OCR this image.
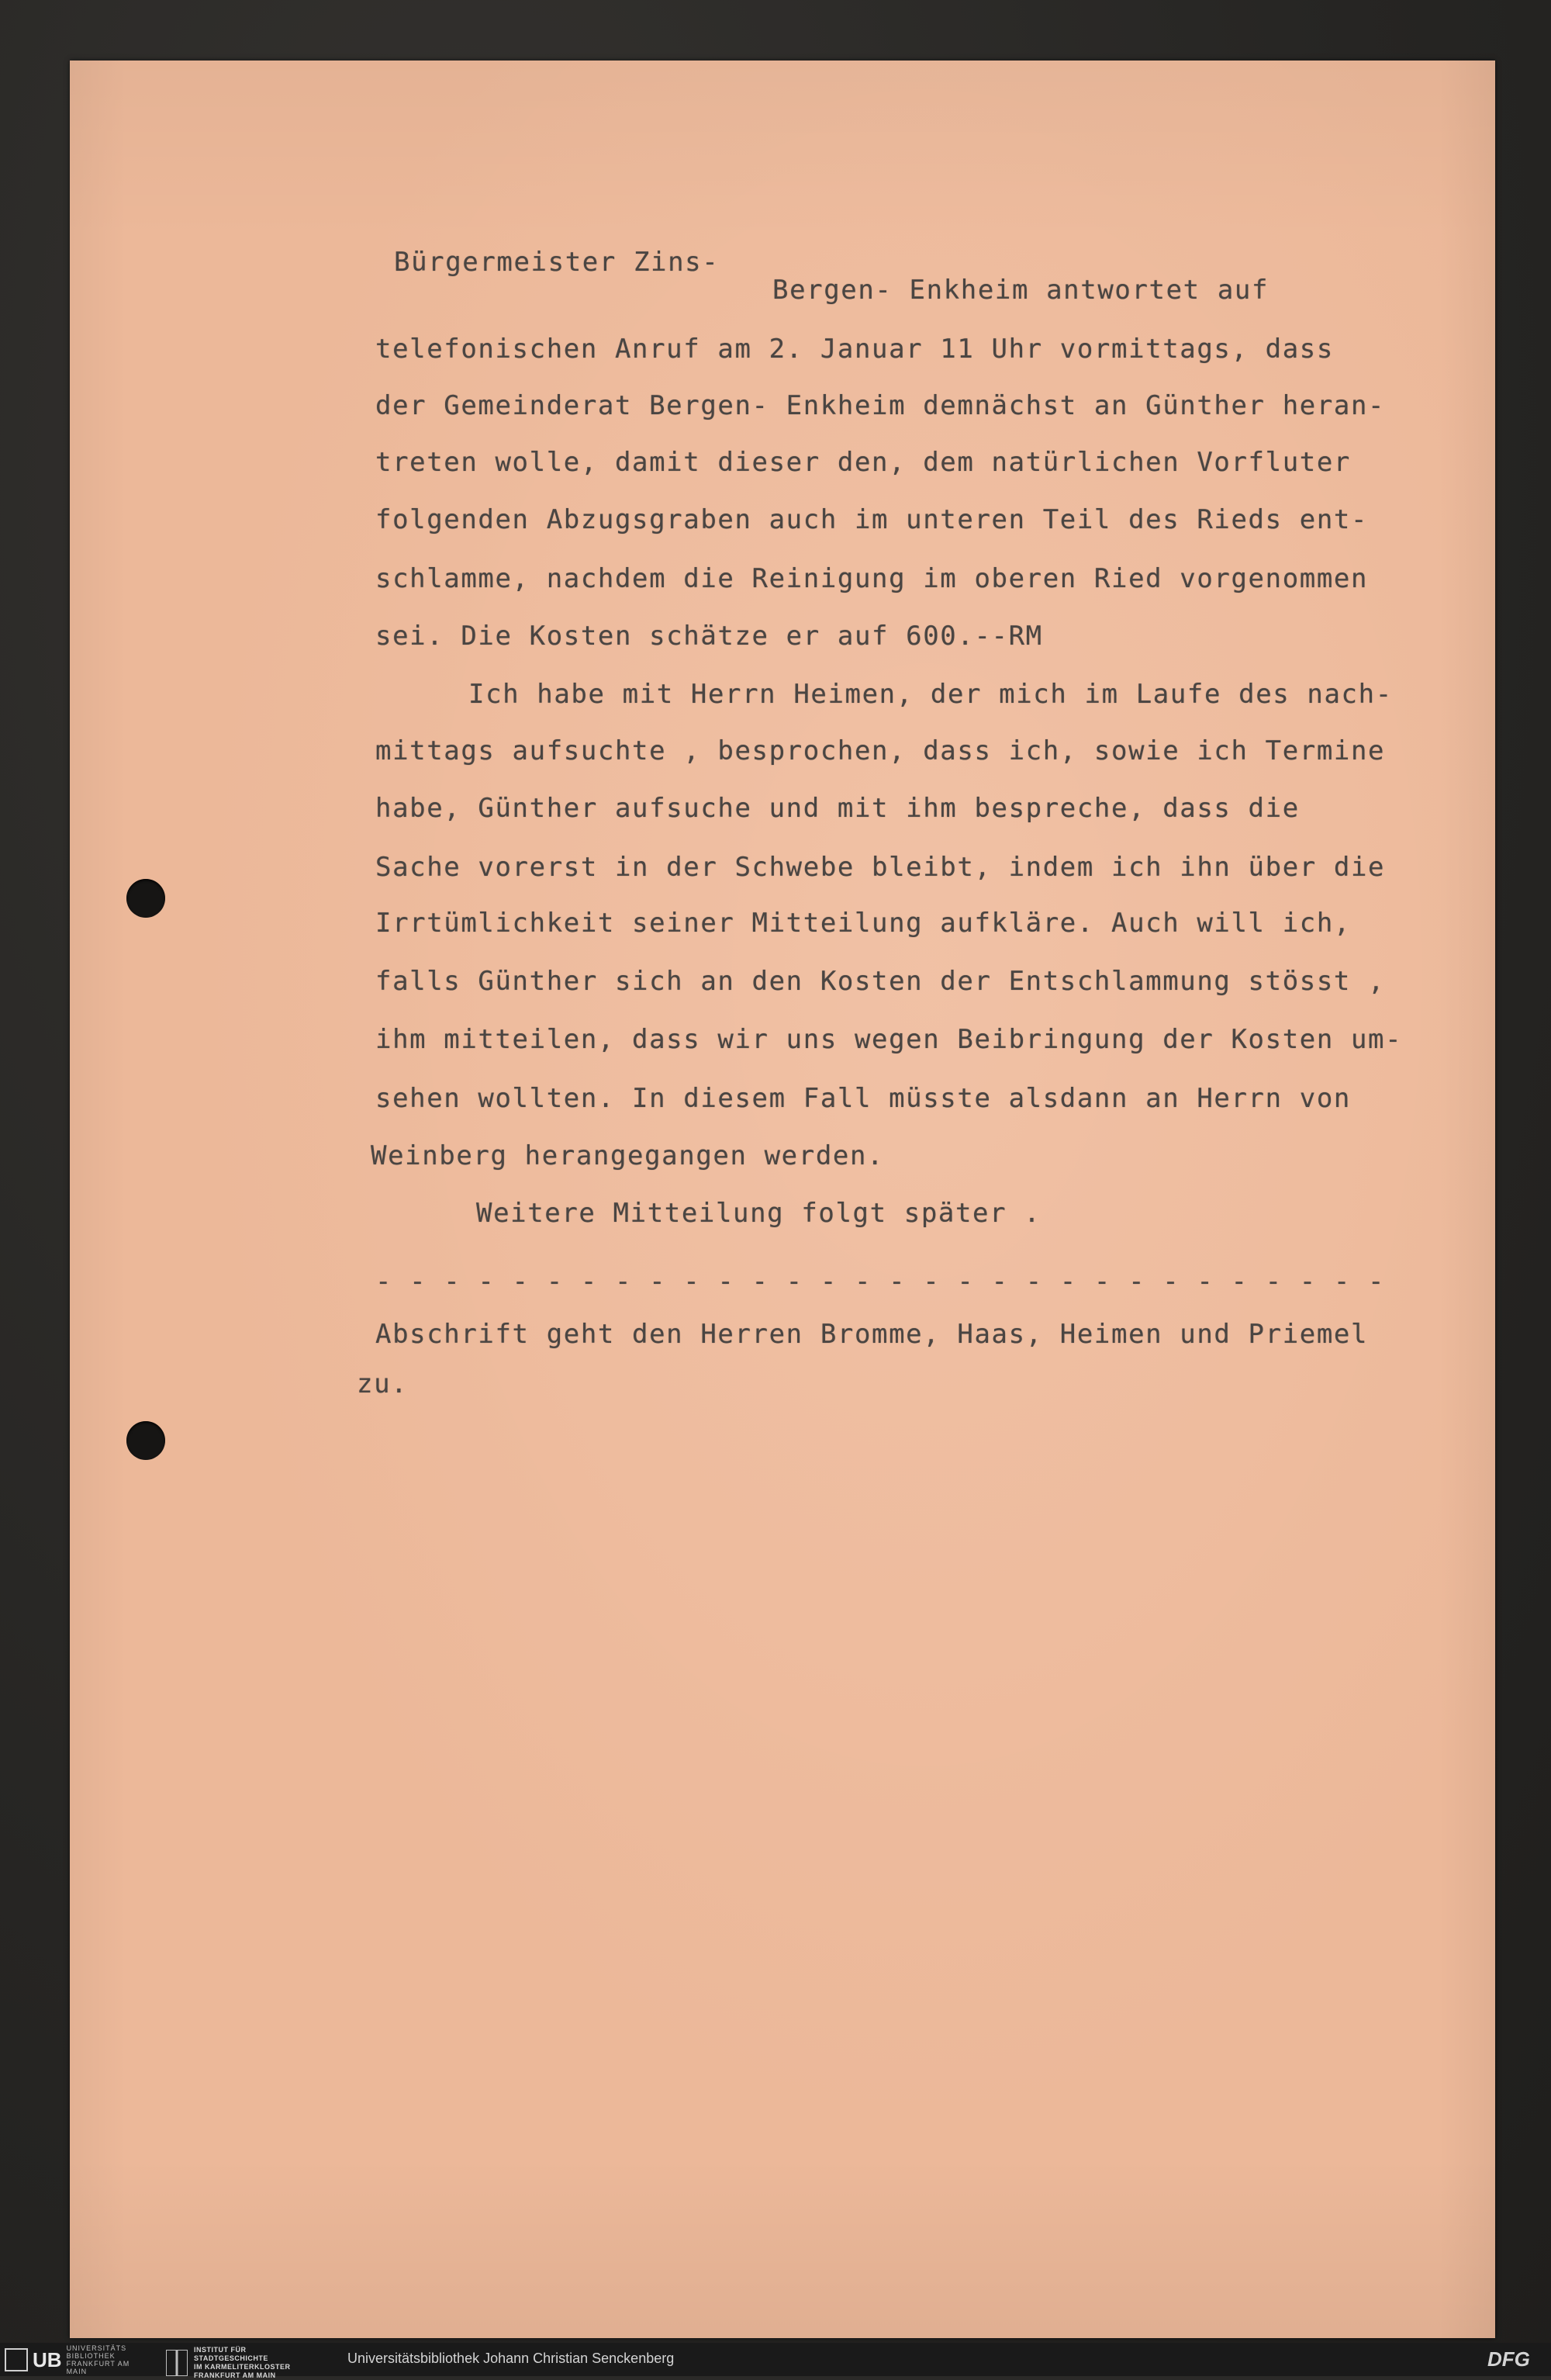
Bürgermeister Zins-
Bergen- Enkheim antwortet auf
telefonischen Anruf am 2. Januar 11 Uhr vormittags, dass
der Gemeinderat Bergen- Enkheim demnächst an Günther heran-
treten wolle, damit dieser den, dem natürlichen Vorfluter
folgenden Abzugsgraben auch im unteren Teil des Rieds ent-
schlamme, nachdem die Reinigung im oberen Ried vorgenommen
sei. Die Kosten schätze er auf 600.--RM
Ich habe mit Herrn Heimen, der mich im Laufe des nach-
mittags aufsuchte , besprochen, dass ich, sowie ich Termine
habe, Günther aufsuche und mit ihm bespreche, dass die
Sache vorerst in der Schwebe bleibt, indem ich ihn über die
Irrtümlichkeit seiner Mitteilung aufkläre. Auch will ich,
falls Günther sich an den Kosten der Entschlammung stösst ,
ihm mitteilen, dass wir uns wegen Beibringung der Kosten um-
sehen wollten. In diesem Fall müsste alsdann an Herrn von
Weinberg herangegangen werden.
Weitere Mitteilung folgt später .
- - - - - - - - - - - - - - - - - - - - - - - - - - - - - -
Abschrift geht den Herren Bromme, Haas, Heimen und Priemel
zu.
UB UNIVERSITÄTS BIBLIOTHEK FRANKFURT AM MAIN
INSTITUT FÜR
STADTGESCHICHTE
IM KARMELITERKLOSTER
FRANKFURT AM MAIN
Universitätsbibliothek Johann Christian Senckenberg	DFG
